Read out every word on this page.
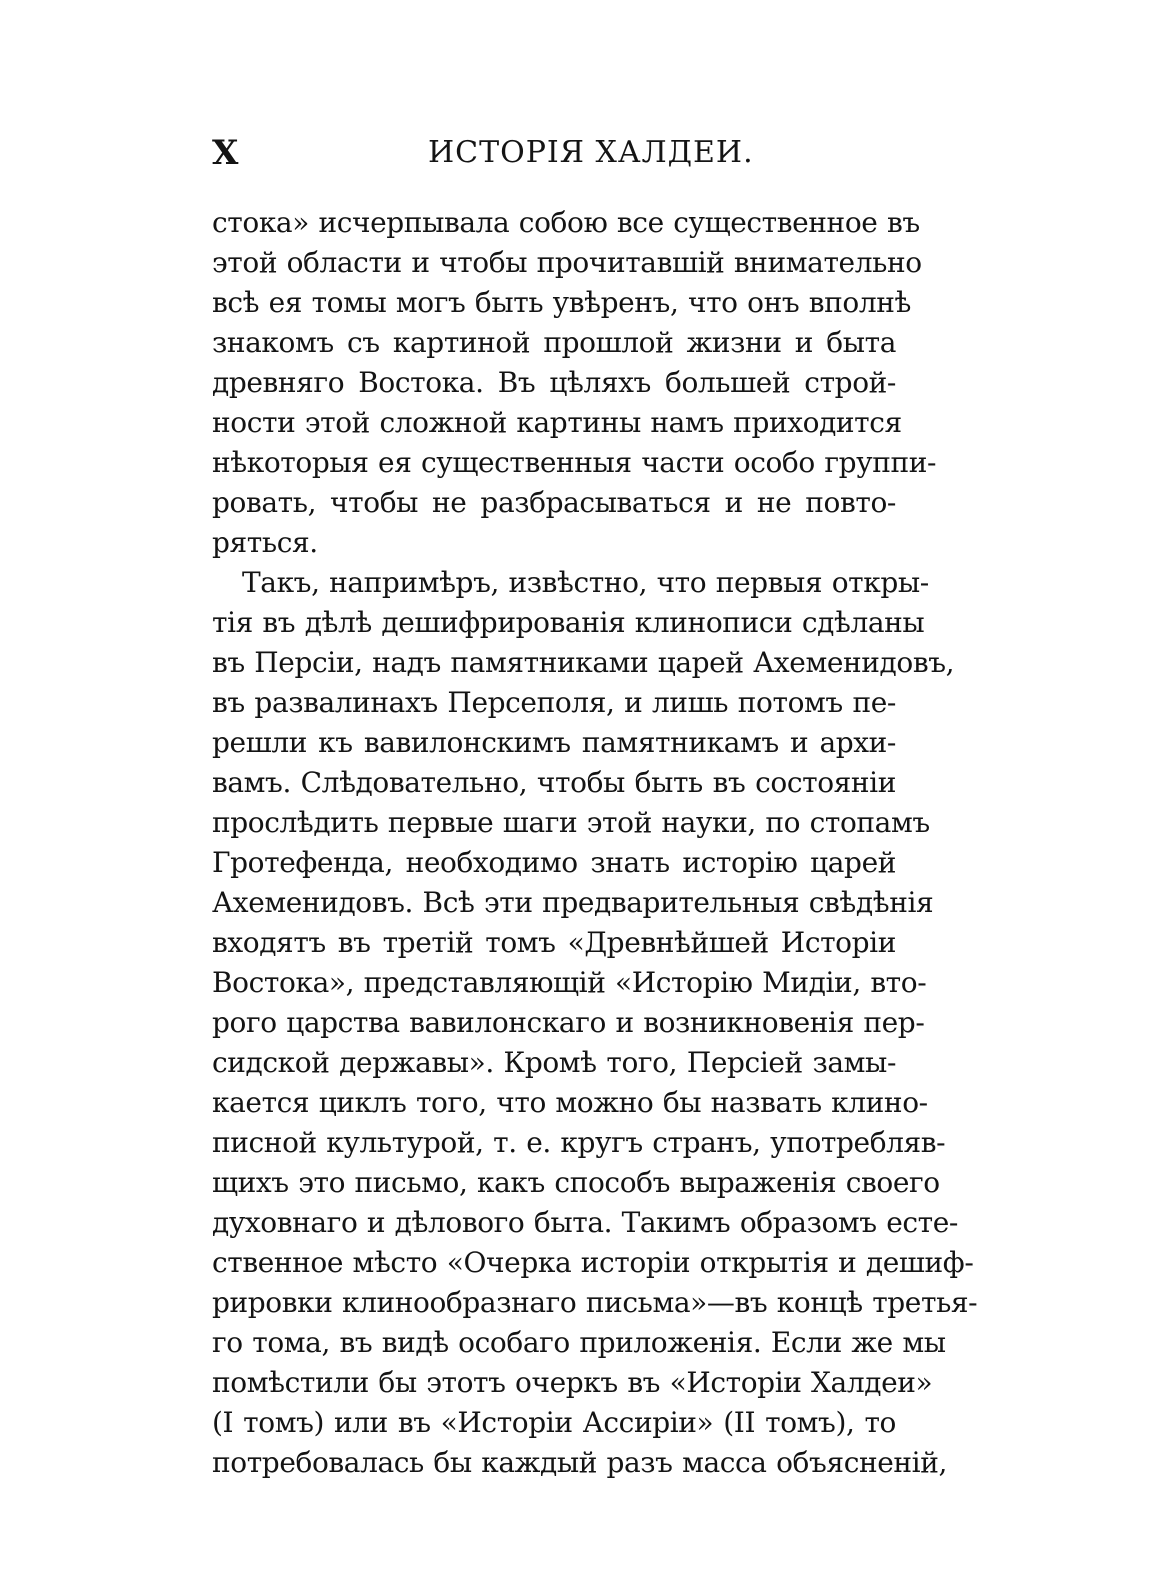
X	ИСТОРІЯ ХАЛДЕИ.
стока» исчерпывала собою все существенное въ
этой области и чтобы прочитавшій внимательно
всѣ ея томы могъ быть увѣренъ, что онъ вполнѣ
знакомъ съ картиной прошлой жизни и быта
древняго Востока. Въ цѣляхъ большей строй-
ности этой сложной картины намъ приходится
нѣкоторыя ея существенныя части особо группи-
ровать, чтобы не разбрасываться и не повто-
ряться.
Такъ, напримѣръ, извѣстно, что первыя откры-
тія въ дѣлѣ дешифрированія клинописи сдѣланы
въ Персіи, надъ памятниками царей Ахеменидовъ,
въ развалинахъ Персеполя, и лишь потомъ пе-
решли къ вавилонскимъ памятникамъ и архи-
вамъ. Слѣдовательно, чтобы быть въ состояніи
прослѣдить первые шаги этой науки, по стопамъ
Гротефенда, необходимо знать исторію царей
Ахеменидовъ. Всѣ эти предварительныя свѣдѣнія
входятъ въ третій томъ «Древнѣйшей Исторіи
Востока», представляющій «Исторію Мидіи, вто-
рого царства вавилонскаго и возникновенія пер-
сидской державы». Кромѣ того, Персіей замы-
кается циклъ того, что можно бы назвать клино-
писной культурой, т. е. кругъ странъ, употребляв-
щихъ это письмо, какъ способъ выраженія своего
духовнаго и дѣлового быта. Такимъ образомъ есте-
ственное мѣсто «Очерка исторіи открытія и дешиф-
рировки клинообразнаго письма»—въ концѣ третья-
го тома, въ видѣ особаго приложенія. Если же мы
помѣстили бы этотъ очеркъ въ «Исторіи Халдеи»
(I томъ) или въ «Исторіи Ассиріи» (II томъ), то
потребовалась бы каждый разъ масса объясненій,
